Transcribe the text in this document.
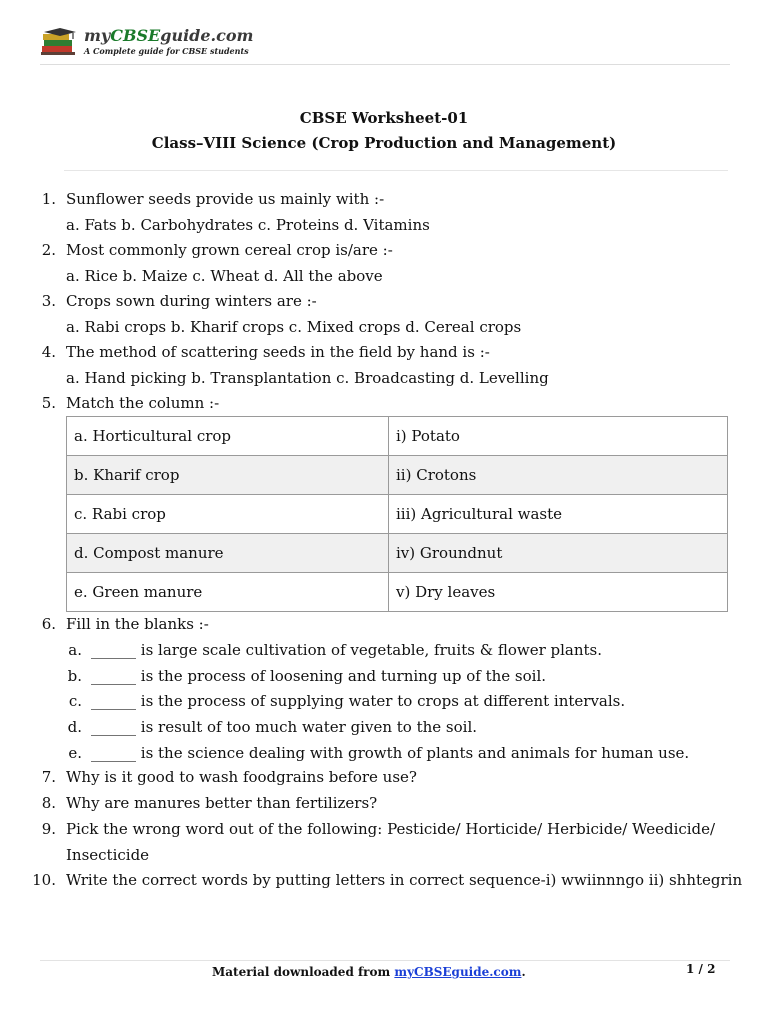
myCBSEguide.com
A Complete guide for CBSE students
CBSE Worksheet-01
Class–VIII Science (Crop Production and Management)
1. Sunflower seeds provide us mainly with :-
a. Fats b. Carbohydrates c. Proteins d. Vitamins
2. Most commonly grown cereal crop is/are :-
a. Rice b. Maize c. Wheat d. All the above
3. Crops sown during winters are :-
a. Rabi crops b. Kharif crops c. Mixed crops d. Cereal crops
4. The method of scattering seeds in the field by hand is :-
a. Hand picking b. Transplantation c. Broadcasting d. Levelling
5. Match the column :-
a. Horticultural crop	i) Potato
b. Kharif crop	ii) Crotons
c. Rabi crop	iii) Agricultural waste
d. Compost manure	iv) Groundnut
e. Green manure	v) Dry leaves
6. Fill in the blanks :-
a. ______ is large scale cultivation of vegetable, fruits & flower plants.
b. ______ is the process of loosening and turning up of the soil.
c. ______ is the process of supplying water to crops at different intervals.
d. ______ is result of too much water given to the soil.
e. ______ is the science dealing with growth of plants and animals for human use.
7. Why is it good to wash foodgrains before use?
8. Why are manures better than fertilizers?
9. Pick the wrong word out of the following: Pesticide/ Horticide/ Herbicide/ Weedicide/
Insecticide
10. Write the correct words by putting letters in correct sequence-i) wwiinnngo ii) shhtegrin
Material downloaded from myCBSEguide.com.	1 / 2
